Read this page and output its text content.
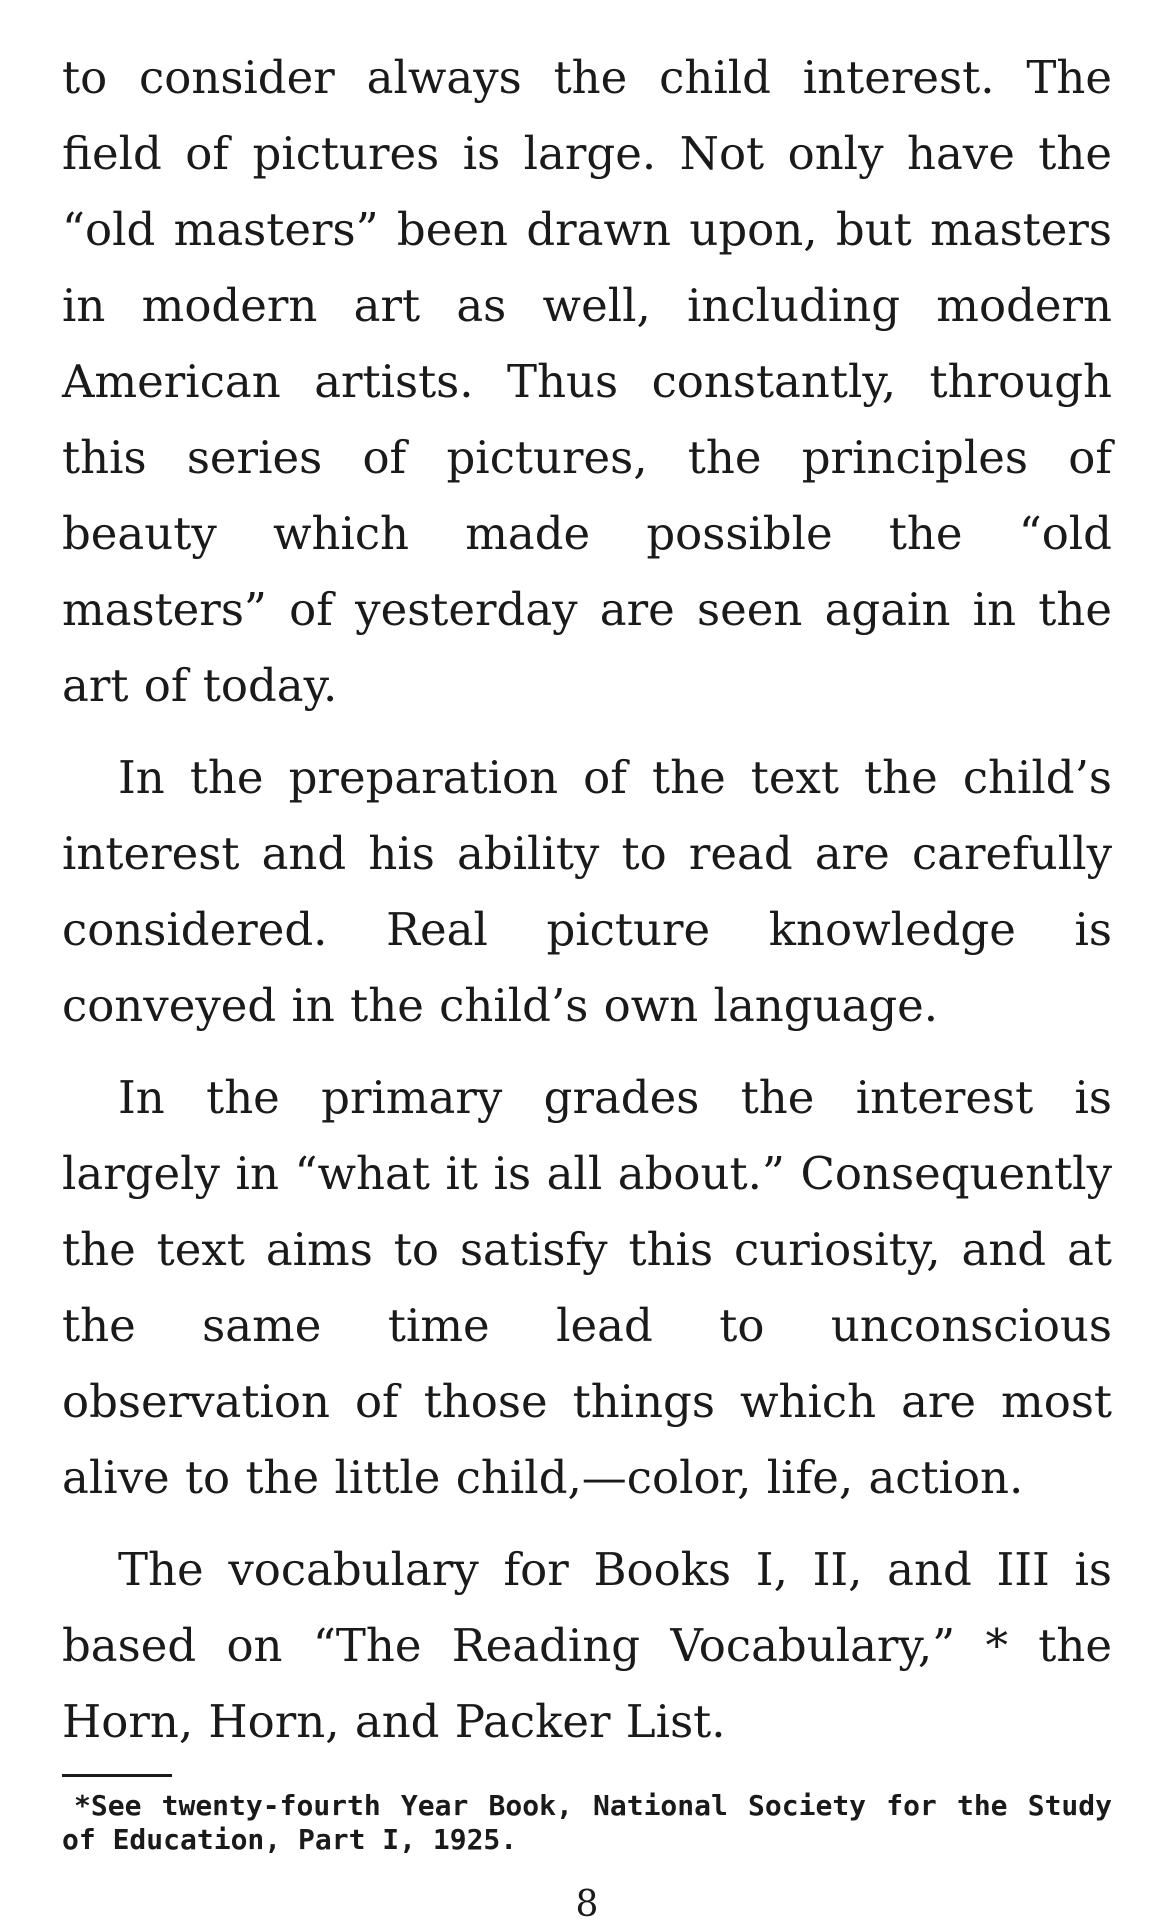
to consider always the child interest. The field of pictures is large. Not only have the “old masters” been drawn upon, but masters in modern art as well, including modern American artists. Thus constantly, through this series of pictures, the principles of beauty which made possible the “old masters” of yesterday are seen again in the art of today.

In the preparation of the text the child’s interest and his ability to read are carefully considered. Real picture knowledge is conveyed in the child’s own language.

In the primary grades the interest is largely in “what it is all about.” Consequently the text aims to satisfy this curiosity, and at the same time lead to unconscious observation of those things which are most alive to the little child,—color, life, action.

The vocabulary for Books I, II, and III is based on “The Reading Vocabulary,” * the Horn, Horn, and Packer List.

*See twenty-fourth Year Book, National Society for the Study of Education, Part I, 1925.

8
